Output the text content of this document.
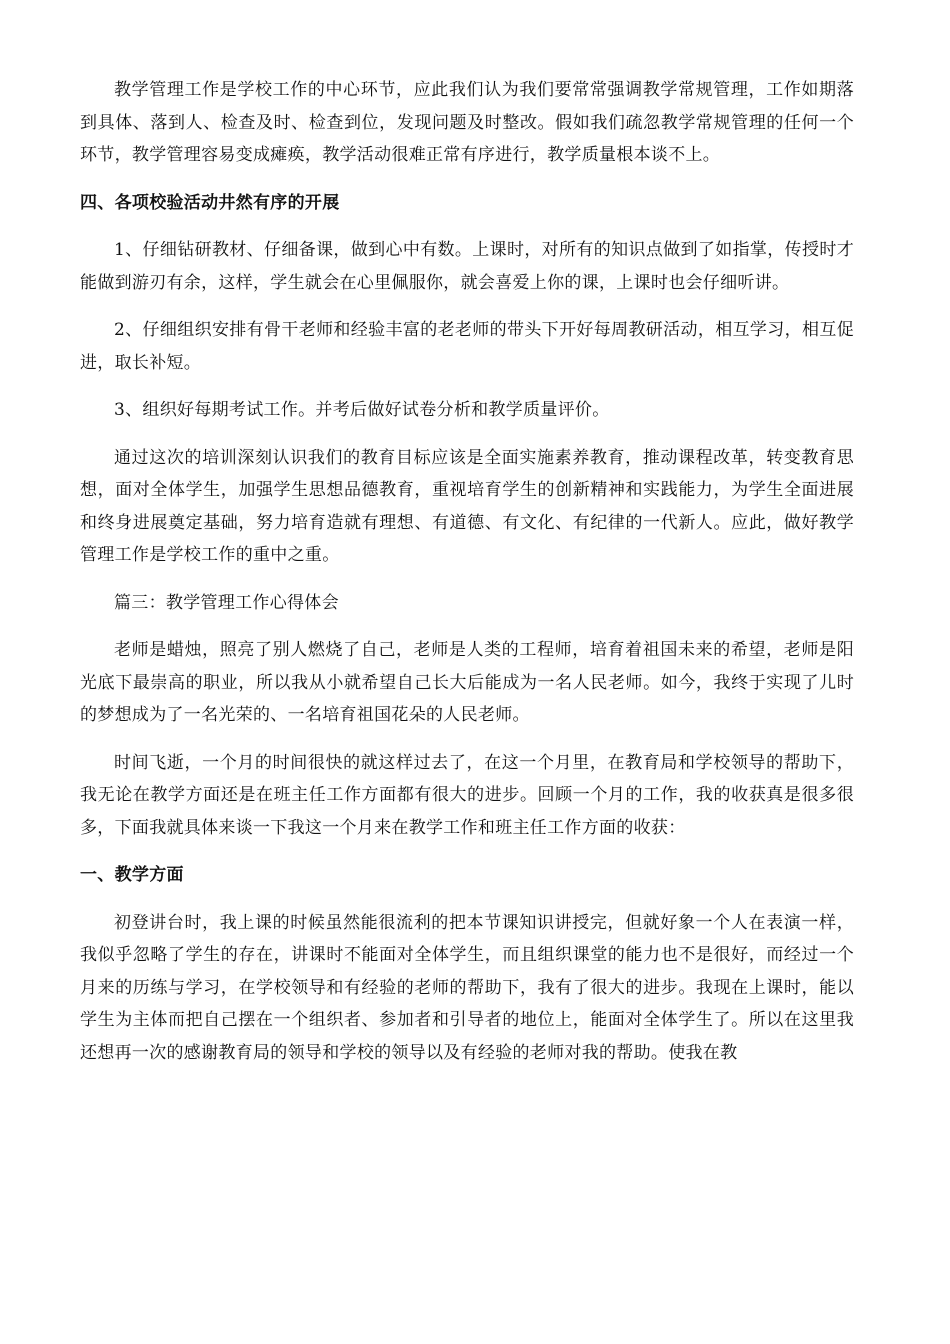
教学管理工作是学校工作的中心环节，应此我们认为我们要常常强调教学常规管理，工作如期落到具体、落到人、检查及时、检查到位，发现问题及时整改。假如我们疏忽教学常规管理的任何一个环节，教学管理容易变成瘫痪，教学活动很难正常有序进行，教学质量根本谈不上。

四、各项校验活动井然有序的开展

1、仔细钻研教材、仔细备课，做到心中有数。上课时，对所有的知识点做到了如指掌，传授时才能做到游刃有余，这样，学生就会在心里佩服你，就会喜爱上你的课，上课时也会仔细听讲。

2、仔细组织安排有骨干老师和经验丰富的老老师的带头下开好每周教研活动，相互学习，相互促进，取长补短。

3、组织好每期考试工作。并考后做好试卷分析和教学质量评价。

通过这次的培训深刻认识我们的教育目标应该是全面实施素养教育，推动课程改革，转变教育思想，面对全体学生，加强学生思想品德教育，重视培育学生的创新精神和实践能力，为学生全面进展和终身进展奠定基础，努力培育造就有理想、有道德、有文化、有纪律的一代新人。应此，做好教学管理工作是学校工作的重中之重。

篇三：教学管理工作心得体会

老师是蜡烛，照亮了别人燃烧了自己，老师是人类的工程师，培育着祖国未来的希望，老师是阳光底下最崇高的职业，所以我从小就希望自己长大后能成为一名人民老师。如今，我终于实现了儿时的梦想成为了一名光荣的、一名培育祖国花朵的人民老师。

时间飞逝，一个月的时间很快的就这样过去了，在这一个月里，在教育局和学校领导的帮助下，我无论在教学方面还是在班主任工作方面都有很大的进步。回顾一个月的工作，我的收获真是很多很多，下面我就具体来谈一下我这一个月来在教学工作和班主任工作方面的收获：

一、教学方面

初登讲台时，我上课的时候虽然能很流利的把本节课知识讲授完，但就好象一个人在表演一样，我似乎忽略了学生的存在，讲课时不能面对全体学生，而且组织课堂的能力也不是很好，而经过一个月来的历练与学习，在学校领导和有经验的老师的帮助下，我有了很大的进步。我现在上课时，能以学生为主体而把自己摆在一个组织者、参加者和引导者的地位上，能面对全体学生了。所以在这里我还想再一次的感谢教育局的领导和学校的领导以及有经验的老师对我的帮助。使我在教
